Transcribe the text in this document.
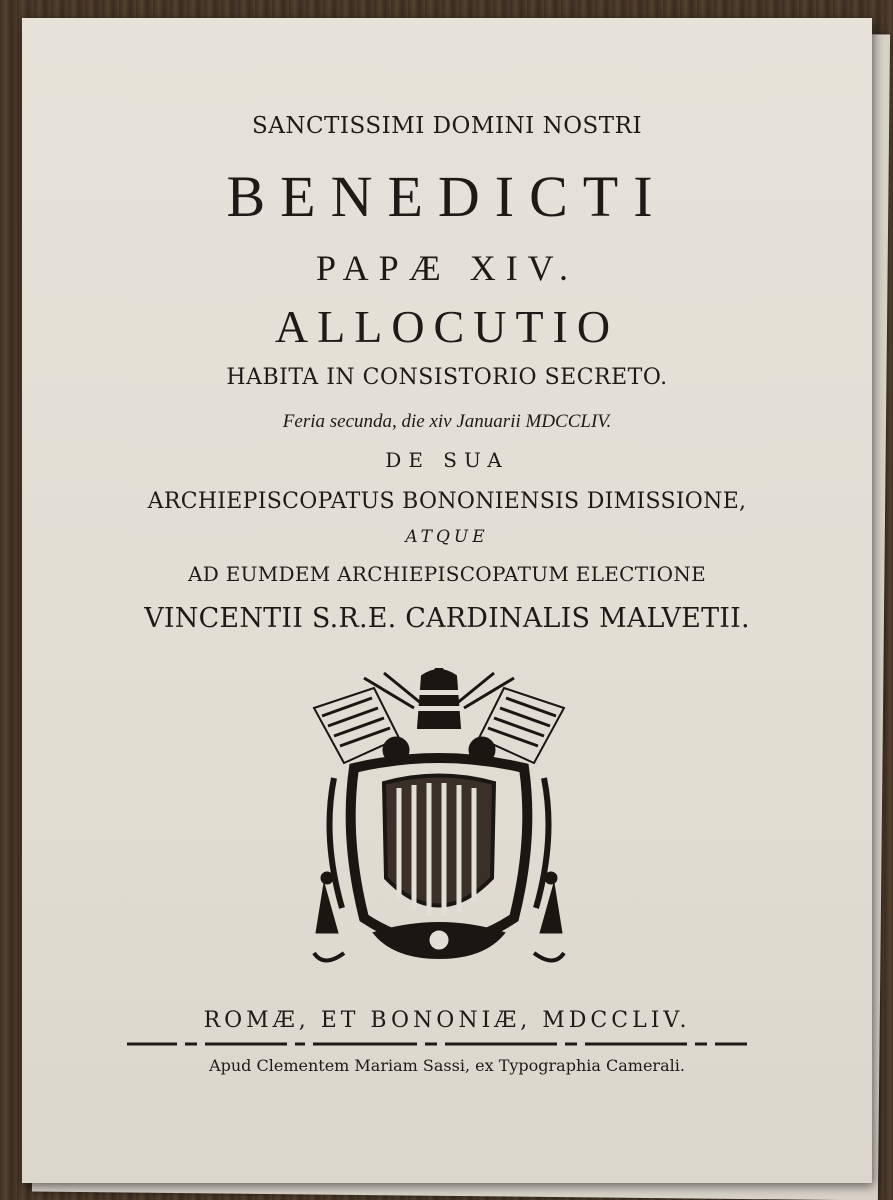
SANCTISSIMI DOMINI NOSTRI
BENEDICTI
PAPÆ XIV.
ALLOCUTIO
HABITA IN CONSISTORIO SECRETO.
Feria secunda, die xiv Januarii MDCCLIV.
DE SUA
ARCHIEPISCOPATUS BONONIENSIS DIMISSIONE,
ATQUE
AD EUMDEM ARCHIEPISCOPATUM ELECTIONE
VINCENTII S.R.E. CARDINALIS MALVETII.
ROMÆ, ET BONONIÆ, MDCCLIV.
Apud Clementem Mariam Sassi, ex Typographia Camerali.
